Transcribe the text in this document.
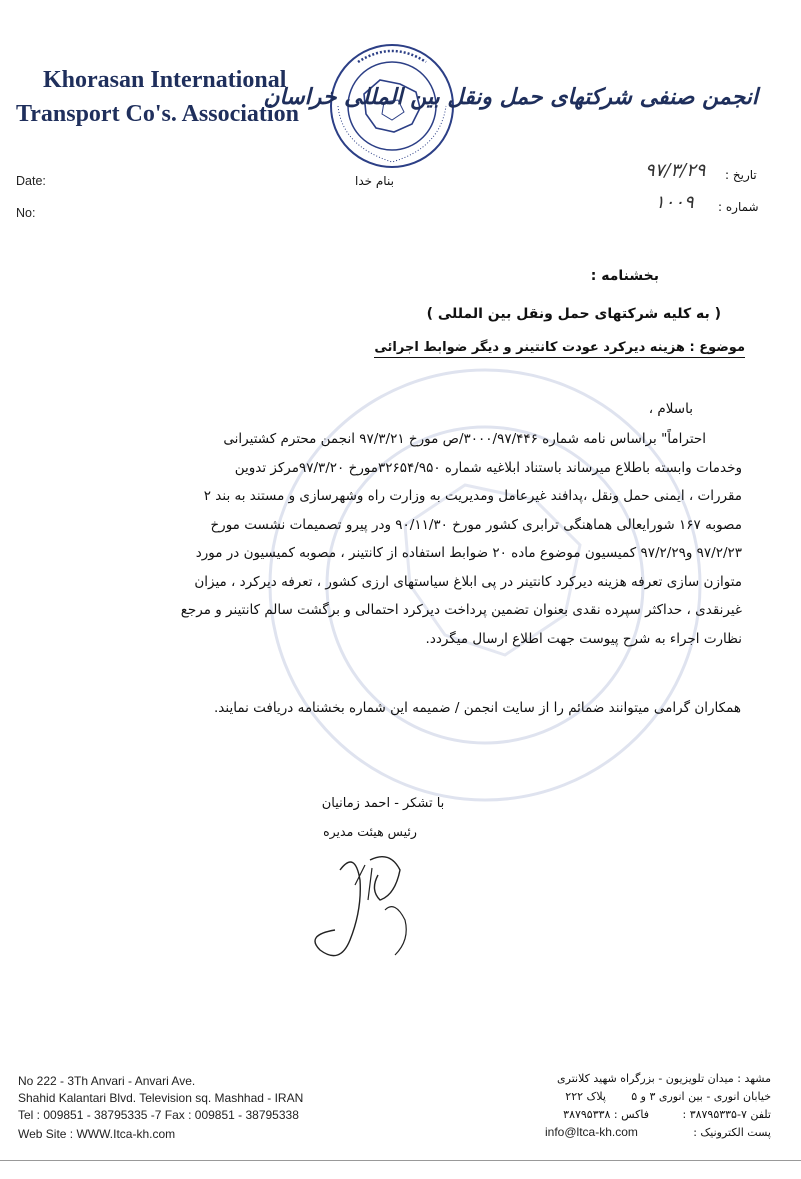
Khorasan International
Transport Co's. Association
انجمن صنفی شرکتهای حمل ونقل بین المللی خراسان
Date:
No:
بنام خدا	تاریخ :
۹۷/۳/۲۹
شماره :
۱۰۰۹
بخشنامه :
( به کلیه شرکتهای حمل ونقل بین المللی )
موضوع : هزینه دیرکرد عودت کانتینر و دیگر ضوابط اجرائی
باسلام ،
احتراماً" براساس نامه شماره ۳۰۰۰/۹۷/۴۴۶/ص مورخ ۹۷/۳/۲۱ انجمن محترم کشتیرانی
وخدمات وابسته باطلاع میرساند باستناد ابلاغیه شماره ۳۲۶۵۴/۹۵۰مورخ ۹۷/۳/۲۰مرکز تدوین
مقررات ، ایمنی حمل ونقل ،پدافند غیرعامل ومدیریت به وزارت راه وشهرسازی و مستند به بند ۲
مصوبه ۱۶۷ شورایعالی هماهنگی ترابری کشور مورخ ۹۰/۱۱/۳۰ ودر پیرو تصمیمات نشست مورخ
۹۷/۲/۲۳ و۹۷/۲/۲۹ کمیسیون موضوع ماده ۲۰ ضوابط استفاده از کانتینر ، مصوبه کمیسیون در مورد
متوازن سازی تعرفه هزینه دیرکرد کانتینر در پی ابلاغ سیاستهای ارزی کشور ، تعرفه دیرکرد ، میزان
غیرنقدی ، حداکثر سپرده نقدی بعنوان تضمین پرداخت دیرکرد احتمالی و برگشت سالم کانتینر و مرجع
نظارت اجراء به شرح پیوست جهت اطلاع ارسال میگردد.
همکاران گرامی میتوانند ضمائم را از سایت انجمن / ضمیمه این شماره بخشنامه دریافت نمایند.
با تشکر - احمد زمانیان
رئیس هیئت مدیره
No 222 - 3Th Anvari - Anvari Ave.
Shahid Kalantari Blvd. Television sq. Mashhad - IRAN
Tel : 009851 - 38795335 -7 Fax : 009851 - 38795338
Web Site : WWW.Itca-kh.com
مشهد : میدان تلویزیون - بزرگراه شهید کلانتری
خیابان انوری - بین انوری ۳ و ۵
پلاک ۲۲۲
تلفن ۷-۳۸۷۹۵۳۳۵ :
فاکس : ۳۸۷۹۵۳۳۸
پست الکترونیک :
info@ltca-kh.com
